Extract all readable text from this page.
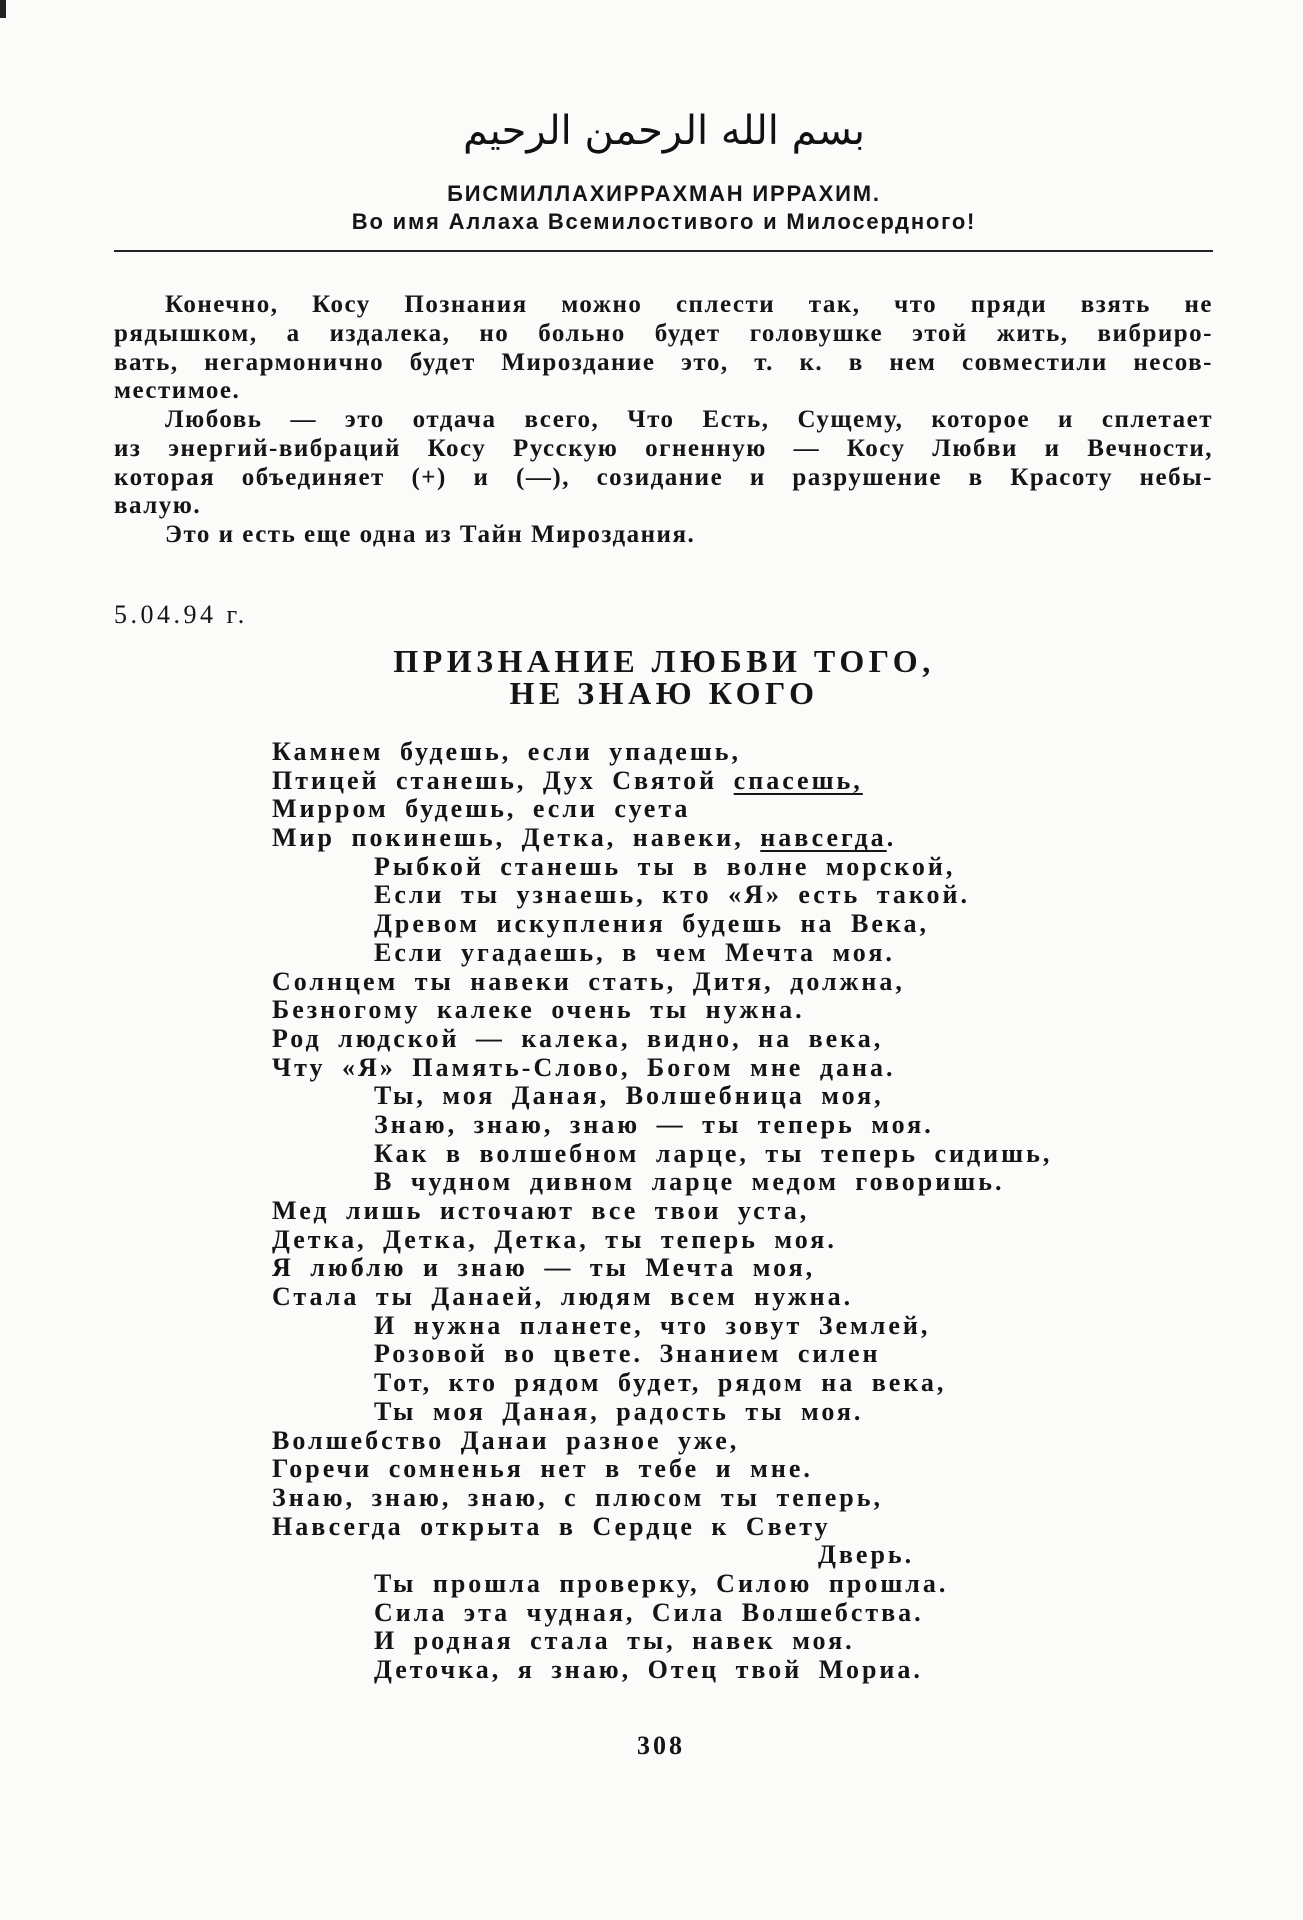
بسم الله الرحمن الرحيم
БИСМИЛЛАХИРРАХМАН ИРРАХИМ.
Во имя Аллаха Всемилостивого и Милосердного!
Конечно, Косу Познания можно сплести так, что пряди взять не
рядышком, а издалека, но больно будет головушке этой жить, вибриро-
вать, негармонично будет Мироздание это, т. к. в нем совместили несов-
местимое.
Любовь — это отдача всего, Что Есть, Сущему, которое и сплетает
из энергий-вибраций Косу Русскую огненную — Косу Любви и Вечности,
которая объединяет (+) и (—), созидание и разрушение в Красоту небы-
валую.
Это и есть еще одна из Тайн Мироздания.
5.04.94 г.
ПРИЗНАНИЕ ЛЮБВИ ТОГО,
НЕ ЗНАЮ КОГО
Камнем будешь, если упадешь,
Птицей станешь, Дух Святой спасешь,
Мирром будешь, если суета
Мир покинешь, Детка, навеки, навсегда.
Рыбкой станешь ты в волне морской,
Если ты узнаешь, кто «Я» есть такой.
Древом искупления будешь на Века,
Если угадаешь, в чем Мечта моя.
Солнцем ты навеки стать, Дитя, должна,
Безногому калеке очень ты нужна.
Род людской — калека, видно, на века,
Чту «Я» Память-Слово, Богом мне дана.
Ты, моя Даная, Волшебница моя,
Знаю, знаю, знаю — ты теперь моя.
Как в волшебном ларце, ты теперь сидишь,
В чудном дивном ларце медом говоришь.
Мед лишь источают все твои уста,
Детка, Детка, Детка, ты теперь моя.
Я люблю и знаю — ты Мечта моя,
Стала ты Данаей, людям всем нужна.
И нужна планете, что зовут Землей,
Розовой во цвете. Знанием силен
Тот, кто рядом будет, рядом на века,
Ты моя Даная, радость ты моя.
Волшебство Данаи разное уже,
Горечи сомненья нет в тебе и мне.
Знаю, знаю, знаю, с плюсом ты теперь,
Навсегда открыта в Сердце к Свету
Дверь.
Ты прошла проверку, Силою прошла.
Сила эта чудная, Сила Волшебства.
И родная стала ты, навек моя.
Деточка, я знаю, Отец твой Мориа.
308
